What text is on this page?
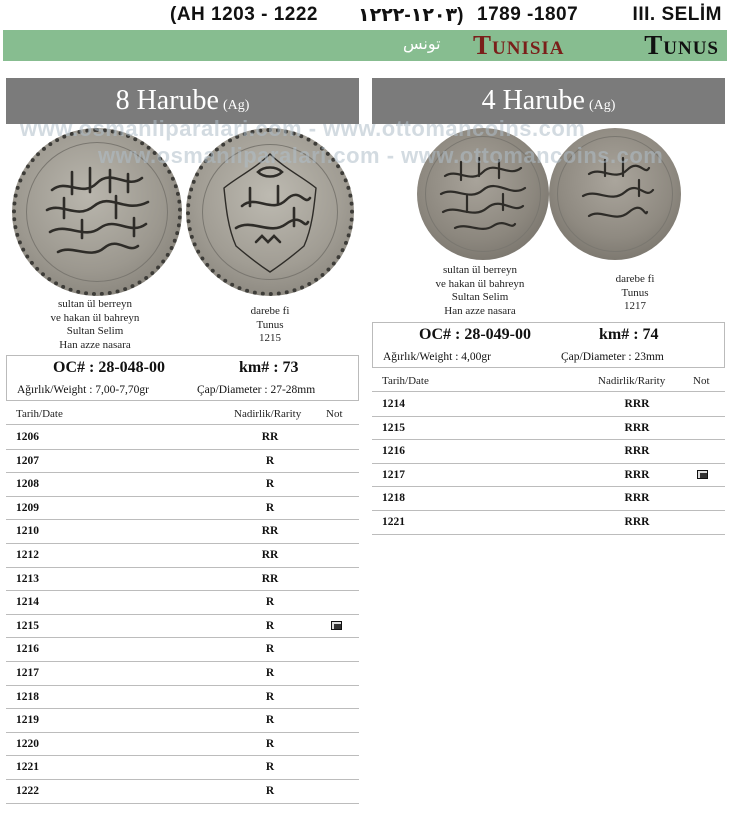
(AH 1203 - 1222 ١٢٠٣-١٢٢٢) 1789 -1807	III. SELİM
تونس Tunisia	Tunus
8 Harube (Ag)	4 Harube (Ag)
www.osmanliparalari.com - www.ottomancoins.com
www.osmanliparalari.com - www.ottomancoins.com
sultan ül berreyn
ve hakan ül bahreyn
Sultan Selim
Han azze nasara
darebe fi
Tunus
1215
sultan ül berreyn
ve hakan ül bahreyn
Sultan Selim
Han azze nasara
darebe fi
Tunus
1217
OC# : 28-048-00	km# : 73
Ağırlık/Weight : 7,00-7,70gr	Çap/Diameter : 27-28mm
OC# : 28-049-00	km# : 74
Ağırlık/Weight : 4,00gr	Çap/Diameter : 23mm
Tarih/Date	Nadirlik/Rarity Not
1206	RR
1207	R
1208	R
1209	R
1210	RR
1212	RR
1213	RR
1214	R
1215	R
1216	R
1217	R
1218	R
1219	R
1220	R
1221	R
1222	R
Tarih/Date	Nadirlik/Rarity	Not
1214	RRR
1215	RRR
1216	RRR
1217	RRR
1218	RRR
1221	RRR
